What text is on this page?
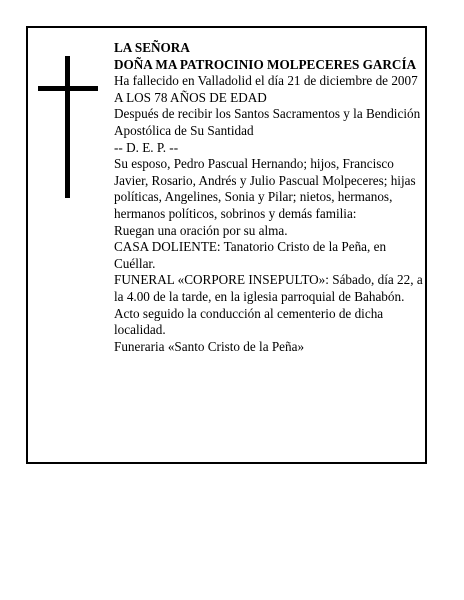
LA SEÑORA

DOÑA MA PATROCINIO MOLPECERES GARCÍA

Ha fallecido en Valladolid el día 21 de diciembre de 2007

A LOS 78 AÑOS DE EDAD

Después de recibir los Santos Sacramentos y la Bendición Apostólica de Su Santidad

-- D. E. P. --

Su esposo, Pedro Pascual Hernando; hijos, Francisco Javier, Rosario, Andrés y Julio Pascual Molpeceres; hijas políticas, Angelines, Sonia y Pilar; nietos, hermanos, hermanos políticos, sobrinos y demás familia:

Ruegan una oración por su alma.

CASA DOLIENTE: Tanatorio Cristo de la Peña, en Cuéllar.

FUNERAL «CORPORE INSEPULTO»: Sábado, día 22, a la 4.00 de la tarde, en la iglesia parroquial de Bahabón. Acto seguido la conducción al cementerio de dicha localidad.

Funeraria «Santo Cristo de la Peña»
